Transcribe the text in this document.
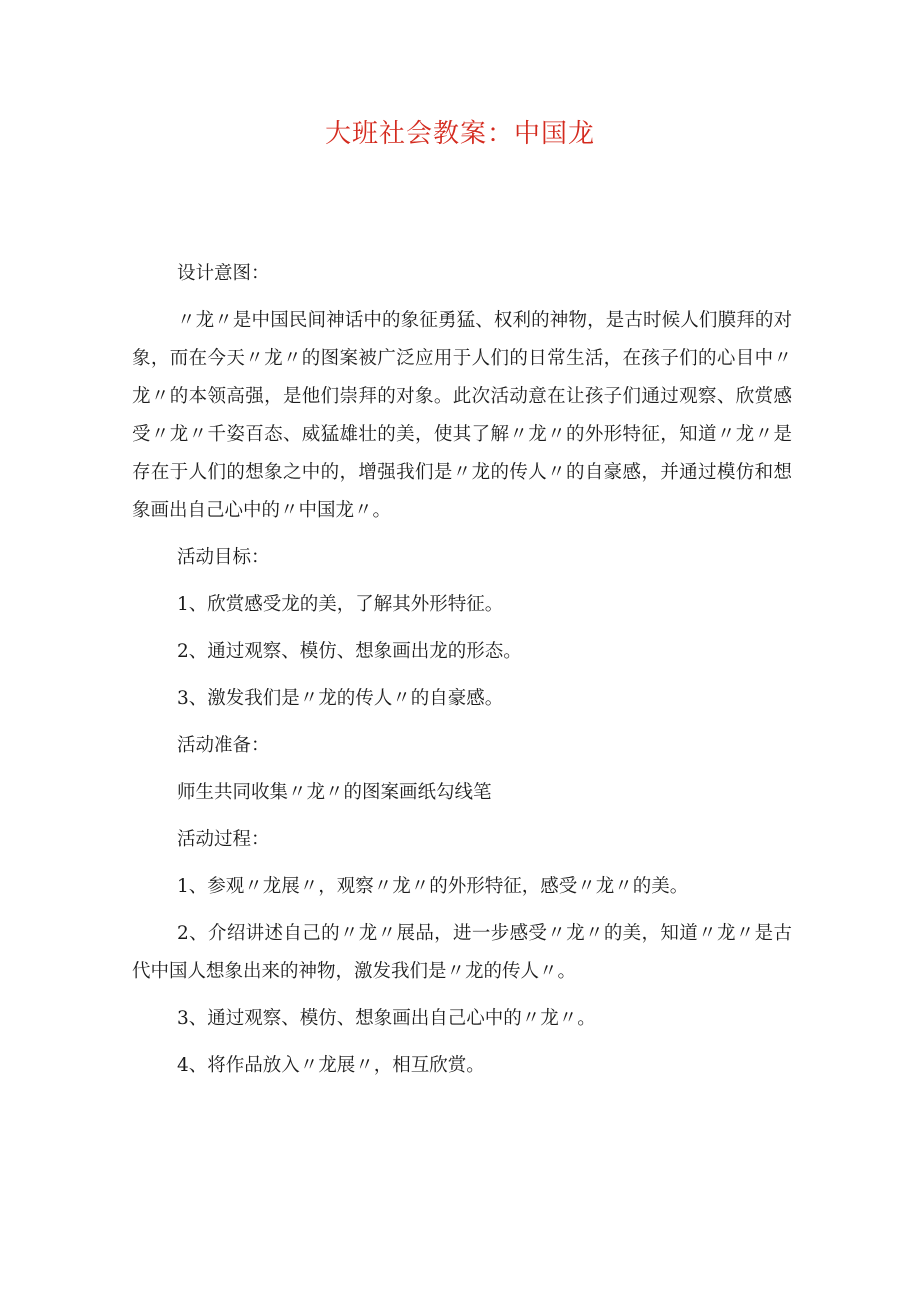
大班社会教案：中国龙

设计意图：

〃龙〃是中国民间神话中的象征勇猛、权利的神物，是古时候人们膜拜的对象，而在今天〃龙〃的图案被广泛应用于人们的日常生活，在孩子们的心目中〃龙〃的本领高强，是他们崇拜的对象。此次活动意在让孩子们通过观察、欣赏感受〃龙〃千姿百态、威猛雄壮的美，使其了解〃龙〃的外形特征，知道〃龙〃是存在于人们的想象之中的，增强我们是〃龙的传人〃的自豪感，并通过模仿和想象画出自己心中的〃中国龙〃。

活动目标：

1、欣赏感受龙的美，了解其外形特征。

2、通过观察、模仿、想象画出龙的形态。

3、激发我们是〃龙的传人〃的自豪感。

活动准备：

师生共同收集〃龙〃的图案画纸勾线笔

活动过程：

1、参观〃龙展〃，观察〃龙〃的外形特征，感受〃龙〃的美。

2、介绍讲述自己的〃龙〃展品，进一步感受〃龙〃的美，知道〃龙〃是古代中国人想象出来的神物，激发我们是〃龙的传人〃。

3、通过观察、模仿、想象画出自己心中的〃龙〃。

4、将作品放入〃龙展〃，相互欣赏。
